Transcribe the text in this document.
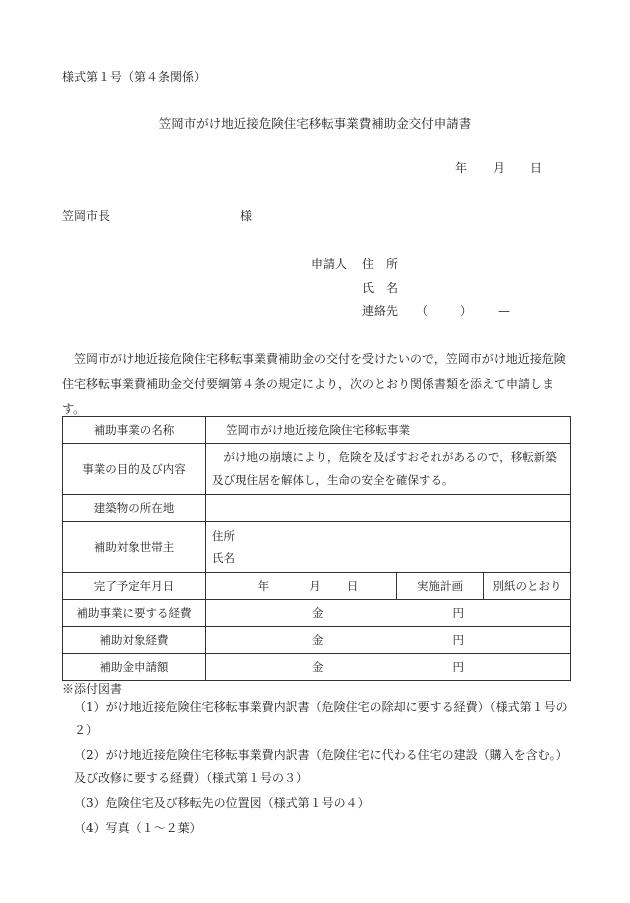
様式第１号（第４条関係）
笠岡市がけ地近接危険住宅移転事業費補助金交付申請書
年 月 日
笠岡市長	様
申請人 住　所
氏　名
連絡先 （	） —
　笠岡市がけ地近接危険住宅移転事業費補助金の交付を受けたいので，笠岡市がけ地近接危険住宅移転事業費補助金交付要綱第４条の規定により，次のとおり関係書類を添えて申請します。
補助事業の名称	笠岡市がけ地近接危険住宅移転事業		
事業の目的及び内容	　がけ地の崩壊により，危険を及ぼすおそれがあるので，移転新築及び現住居を解体し，生命の安全を確保する。		
建築物の所在地			
補助対象世帯主	住所
氏名		

完了予定年月日	年 月 日	実施計画	別紙のとおり
補助事業に要する経費	金 円		

補助対象経費	金 円		

補助金申請額	金 円		
※添付図書
（1）がけ地近接危険住宅移転事業費内訳書（危険住宅の除却に要する経費）（様式第１号の２）
（2）がけ地近接危険住宅移転事業費内訳書（危険住宅に代わる住宅の建設（購入を含む。）及び改修に要する経費）（様式第１号の３）
（3）危険住宅及び移転先の位置図（様式第１号の４）
（4）写真（１～２葉）
